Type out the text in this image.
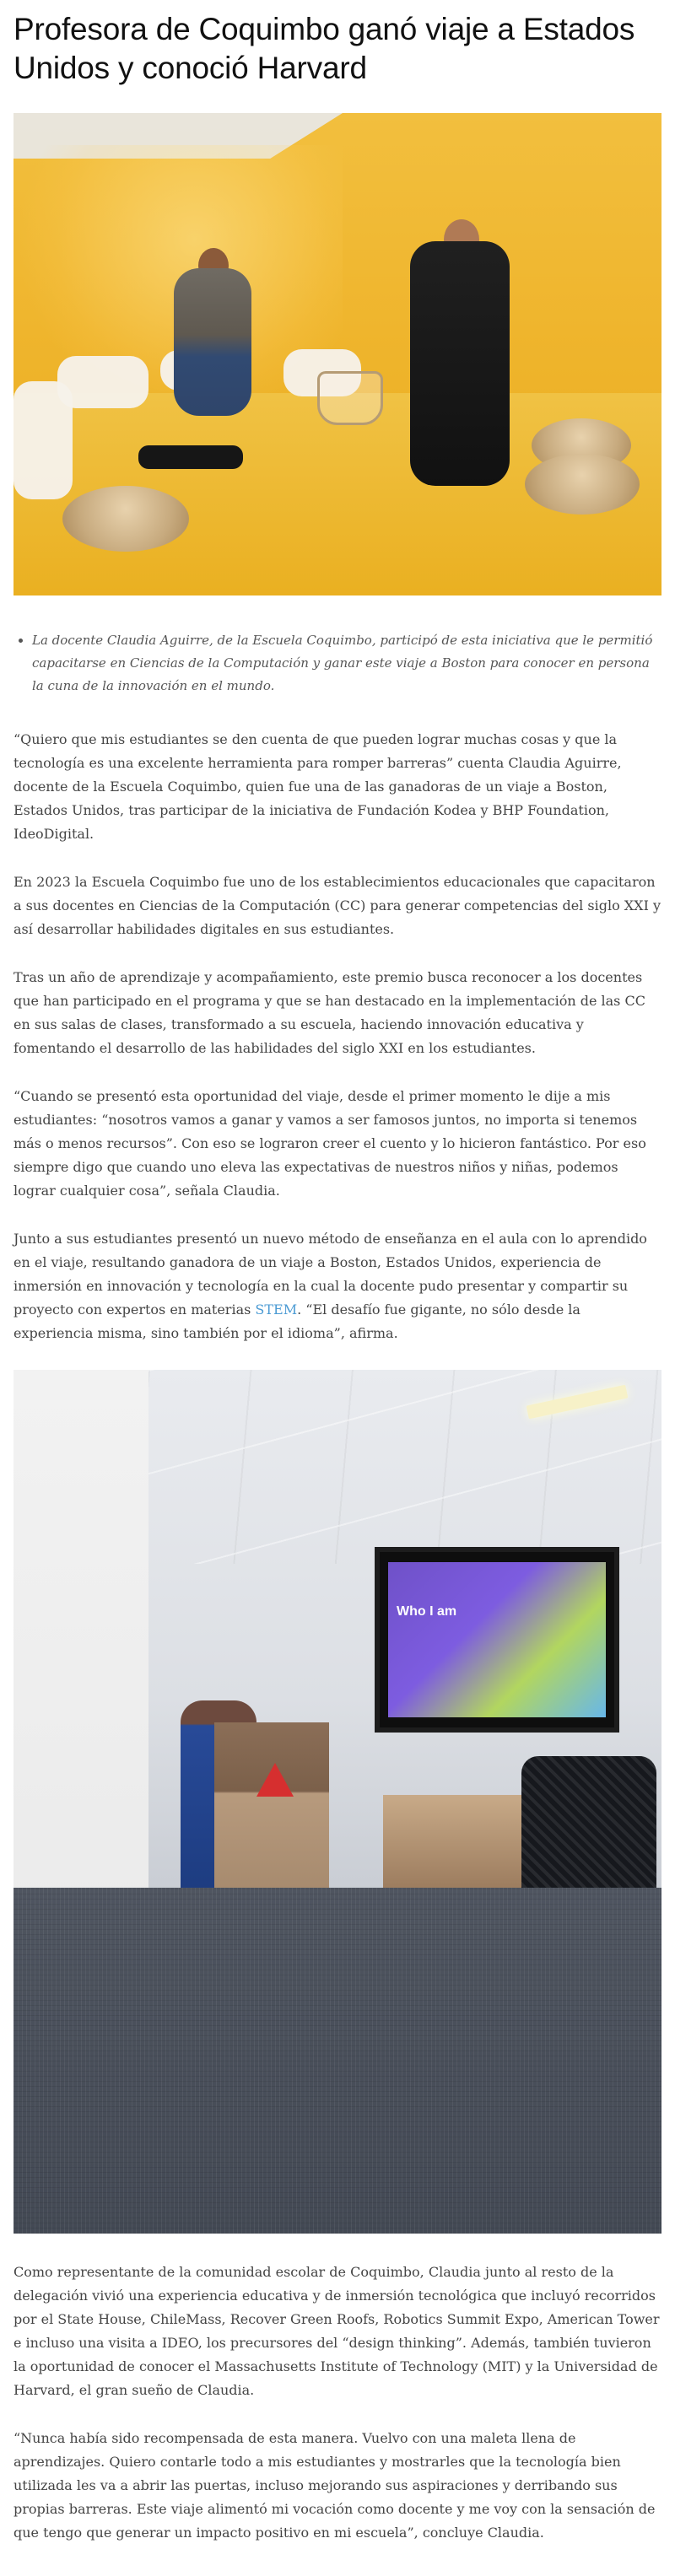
Profesora de Coquimbo ganó viaje a Estados Unidos y conoció Harvard
• La docente Claudia Aguirre, de la Escuela Coquimbo, participó de esta iniciativa que le permitió capacitarse en Ciencias de la Computación y ganar este viaje a Boston para conocer en persona la cuna de la innovación en el mundo.

“Quiero que mis estudiantes se den cuenta de que pueden lograr muchas cosas y que la tecnología es una excelente herramienta para romper barreras” cuenta Claudia Aguirre, docente de la Escuela Coquimbo, quien fue una de las ganadoras de un viaje a Boston, Estados Unidos, tras participar de la iniciativa de Fundación Kodea y BHP Foundation, IdeoDigital.

En 2023 la Escuela Coquimbo fue uno de los establecimientos educacionales que capacitaron a sus docentes en Ciencias de la Computación (CC) para generar competencias del siglo XXI y así desarrollar habilidades digitales en sus estudiantes.

Tras un año de aprendizaje y acompañamiento, este premio busca reconocer a los docentes que han participado en el programa y que se han destacado en la implementación de las CC en sus salas de clases, transformado a su escuela, haciendo innovación educativa y fomentando el desarrollo de las habilidades del siglo XXI en los estudiantes.

“Cuando se presentó esta oportunidad del viaje, desde el primer momento le dije a mis estudiantes: “nosotros vamos a ganar y vamos a ser famosos juntos, no importa si tenemos más o menos recursos”. Con eso se lograron creer el cuento y lo hicieron fantástico. Por eso siempre digo que cuando uno eleva las expectativas de nuestros niños y niñas, podemos lograr cualquier cosa”, señala Claudia.

Junto a sus estudiantes presentó un nuevo método de enseñanza en el aula con lo aprendido en el viaje, resultando ganadora de un viaje a Boston, Estados Unidos, experiencia de inmersión en innovación y tecnología en la cual la docente pudo presentar y compartir su proyecto con expertos en materias STEM. “El desafío fue gigante, no sólo desde la experiencia misma, sino también por el idioma”, afirma.

Who I am

Como representante de la comunidad escolar de Coquimbo, Claudia junto al resto de la delegación vivió una experiencia educativa y de inmersión tecnológica que incluyó recorridos por el State House, ChileMass, Recover Green Roofs, Robotics Summit Expo, American Tower e incluso una visita a IDEO, los precursores del “design thinking”. Además, también tuvieron la oportunidad de conocer el Massachusetts Institute of Technology (MIT) y la Universidad de Harvard, el gran sueño de Claudia.

“Nunca había sido recompensada de esta manera. Vuelvo con una maleta llena de aprendizajes. Quiero contarle todo a mis estudiantes y mostrarles que la tecnología bien utilizada les va a abrir las puertas, incluso mejorando sus aspiraciones y derribando sus propias barreras. Este viaje alimentó mi vocación como docente y me voy con la sensación de que tengo que generar un impacto positivo en mi escuela”, concluye Claudia.
